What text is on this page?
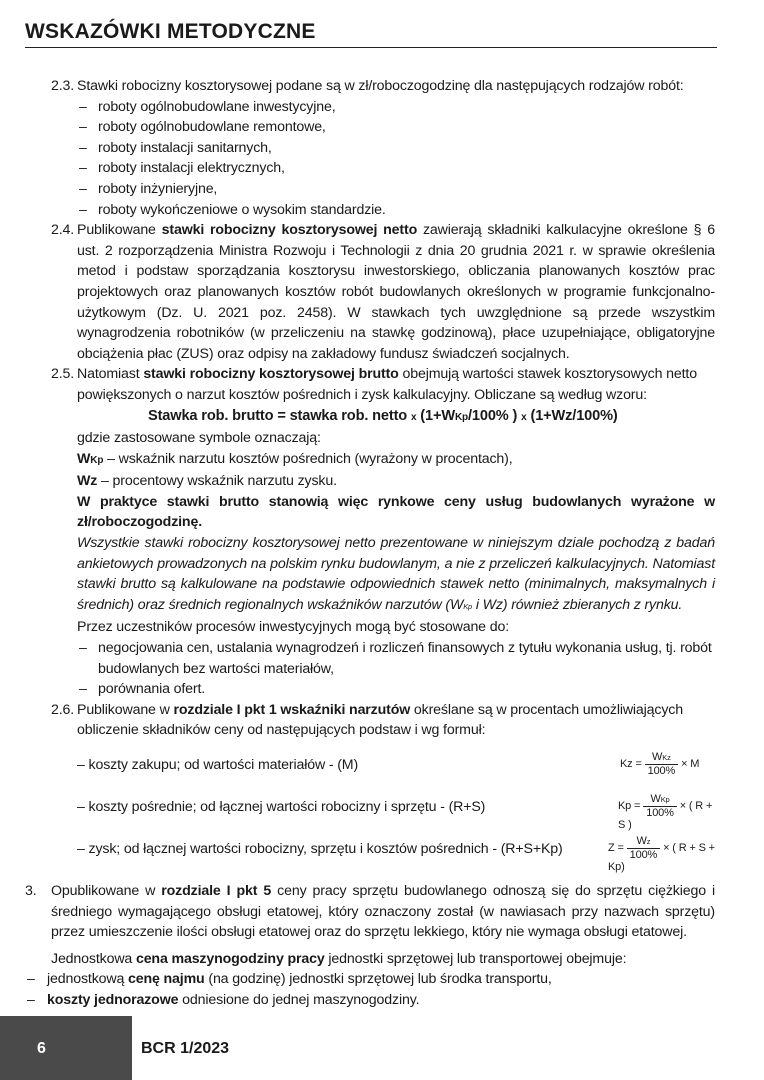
WSKAZÓWKI METODYCZNE
2.3. Stawki robocizny kosztorysowej podane są w zł/roboczogodzinę dla następujących rodzajów robót:
– roboty ogólnobudowlane inwestycyjne,
– roboty ogólnobudowlane remontowe,
– roboty instalacji sanitarnych,
– roboty instalacji elektrycznych,
– roboty inżynieryjne,
– roboty wykończeniowe o wysokim standardzie.
2.4. Publikowane stawki robocizny kosztorysowej netto zawierają składniki kalkulacyjne określone § 6 ust. 2 rozporządzenia Ministra Rozwoju i Technologii z dnia 20 grudnia 2021 r. w sprawie określenia metod i podstaw sporządzania kosztorysu inwestorskiego, obliczania planowanych kosztów prac projektowych oraz planowanych kosztów robót budowlanych określonych w programie funkcjonalno-użytkowym (Dz. U. 2021 poz. 2458). W stawkach tych uwzględnione są przede wszystkim wynagrodzenia robotników (w przeliczeniu na stawkę godzinową), płace uzupełniające, obligatoryjne obciążenia płac (ZUS) oraz odpisy na zakładowy fundusz świadczeń socjalnych.
2.5. Natomiast stawki robocizny kosztorysowej brutto obejmują wartości stawek kosztorysowych netto powiększonych o narzut kosztów pośrednich i zysk kalkulacyjny. Obliczane są według wzoru:
Stawka rob. brutto = stawka rob. netto x (1+WKp/100% ) x (1+Wz/100%)
gdzie zastosowane symbole oznaczają:
WKp – wskaźnik narzutu kosztów pośrednich (wyrażony w procentach),
Wz – procentowy wskaźnik narzutu zysku.
W praktyce stawki brutto stanowią więc rynkowe ceny usług budowlanych wyrażone w zł/roboczogodzinę.
Wszystkie stawki robocizny kosztorysowej netto prezentowane w niniejszym dziale pochodzą z badań ankietowych prowadzonych na polskim rynku budowlanym, a nie z przeliczeń kalkulacyjnych. Natomiast stawki brutto są kalkulowane na podstawie odpowiednich stawek netto (minimalnych, maksymalnych i średnich) oraz średnich regionalnych wskaźników narzutów (WKp i Wz) również zbieranych z rynku.
Przez uczestników procesów inwestycyjnych mogą być stosowane do:
– negocjowania cen, ustalania wynagrodzeń i rozliczeń finansowych z tytułu wykonania usług, tj. robót budowlanych bez wartości materiałów,
– porównania ofert.
2.6. Publikowane w rozdziale I pkt 1 wskaźniki narzutów określane są w procentach umożliwiających obliczenie składników ceny od następujących podstaw i wg formuł:
– koszty zakupu; od wartości materiałów - (M)	$Kz = \frac{\text{WKz}}{100\%} \times M$
– koszty pośrednie; od łącznej wartości robocizny i sprzętu - (R+S)	$Kp = \frac{\text{WKp}}{100\%}$ × ( R + S )
– zysk; od łącznej wartości robocizny, sprzętu i kosztów pośrednich - (R+S+Kp)	$Z = \frac{Wz}{100\%}$ × ( R + S + Kp)
3. Opublikowane w rozdziale I pkt 5 ceny pracy sprzętu budowlanego odnoszą się do sprzętu ciężkiego i średniego wymagającego obsługi etatowej, który oznaczony został (w nawiasach przy nazwach sprzętu) przez umieszczenie ilości obsługi etatowej oraz do sprzętu lekkiego, który nie wymaga obsługi etatowej.
Jednostkowa cena maszynogodziny pracy jednostki sprzętowej lub transportowej obejmuje:
– jednostkową cenę najmu (na godzinę) jednostki sprzętowej lub środka transportu,
– koszty jednorazowe odniesione do jednej maszynogodziny.
6	BCR 1/2023
